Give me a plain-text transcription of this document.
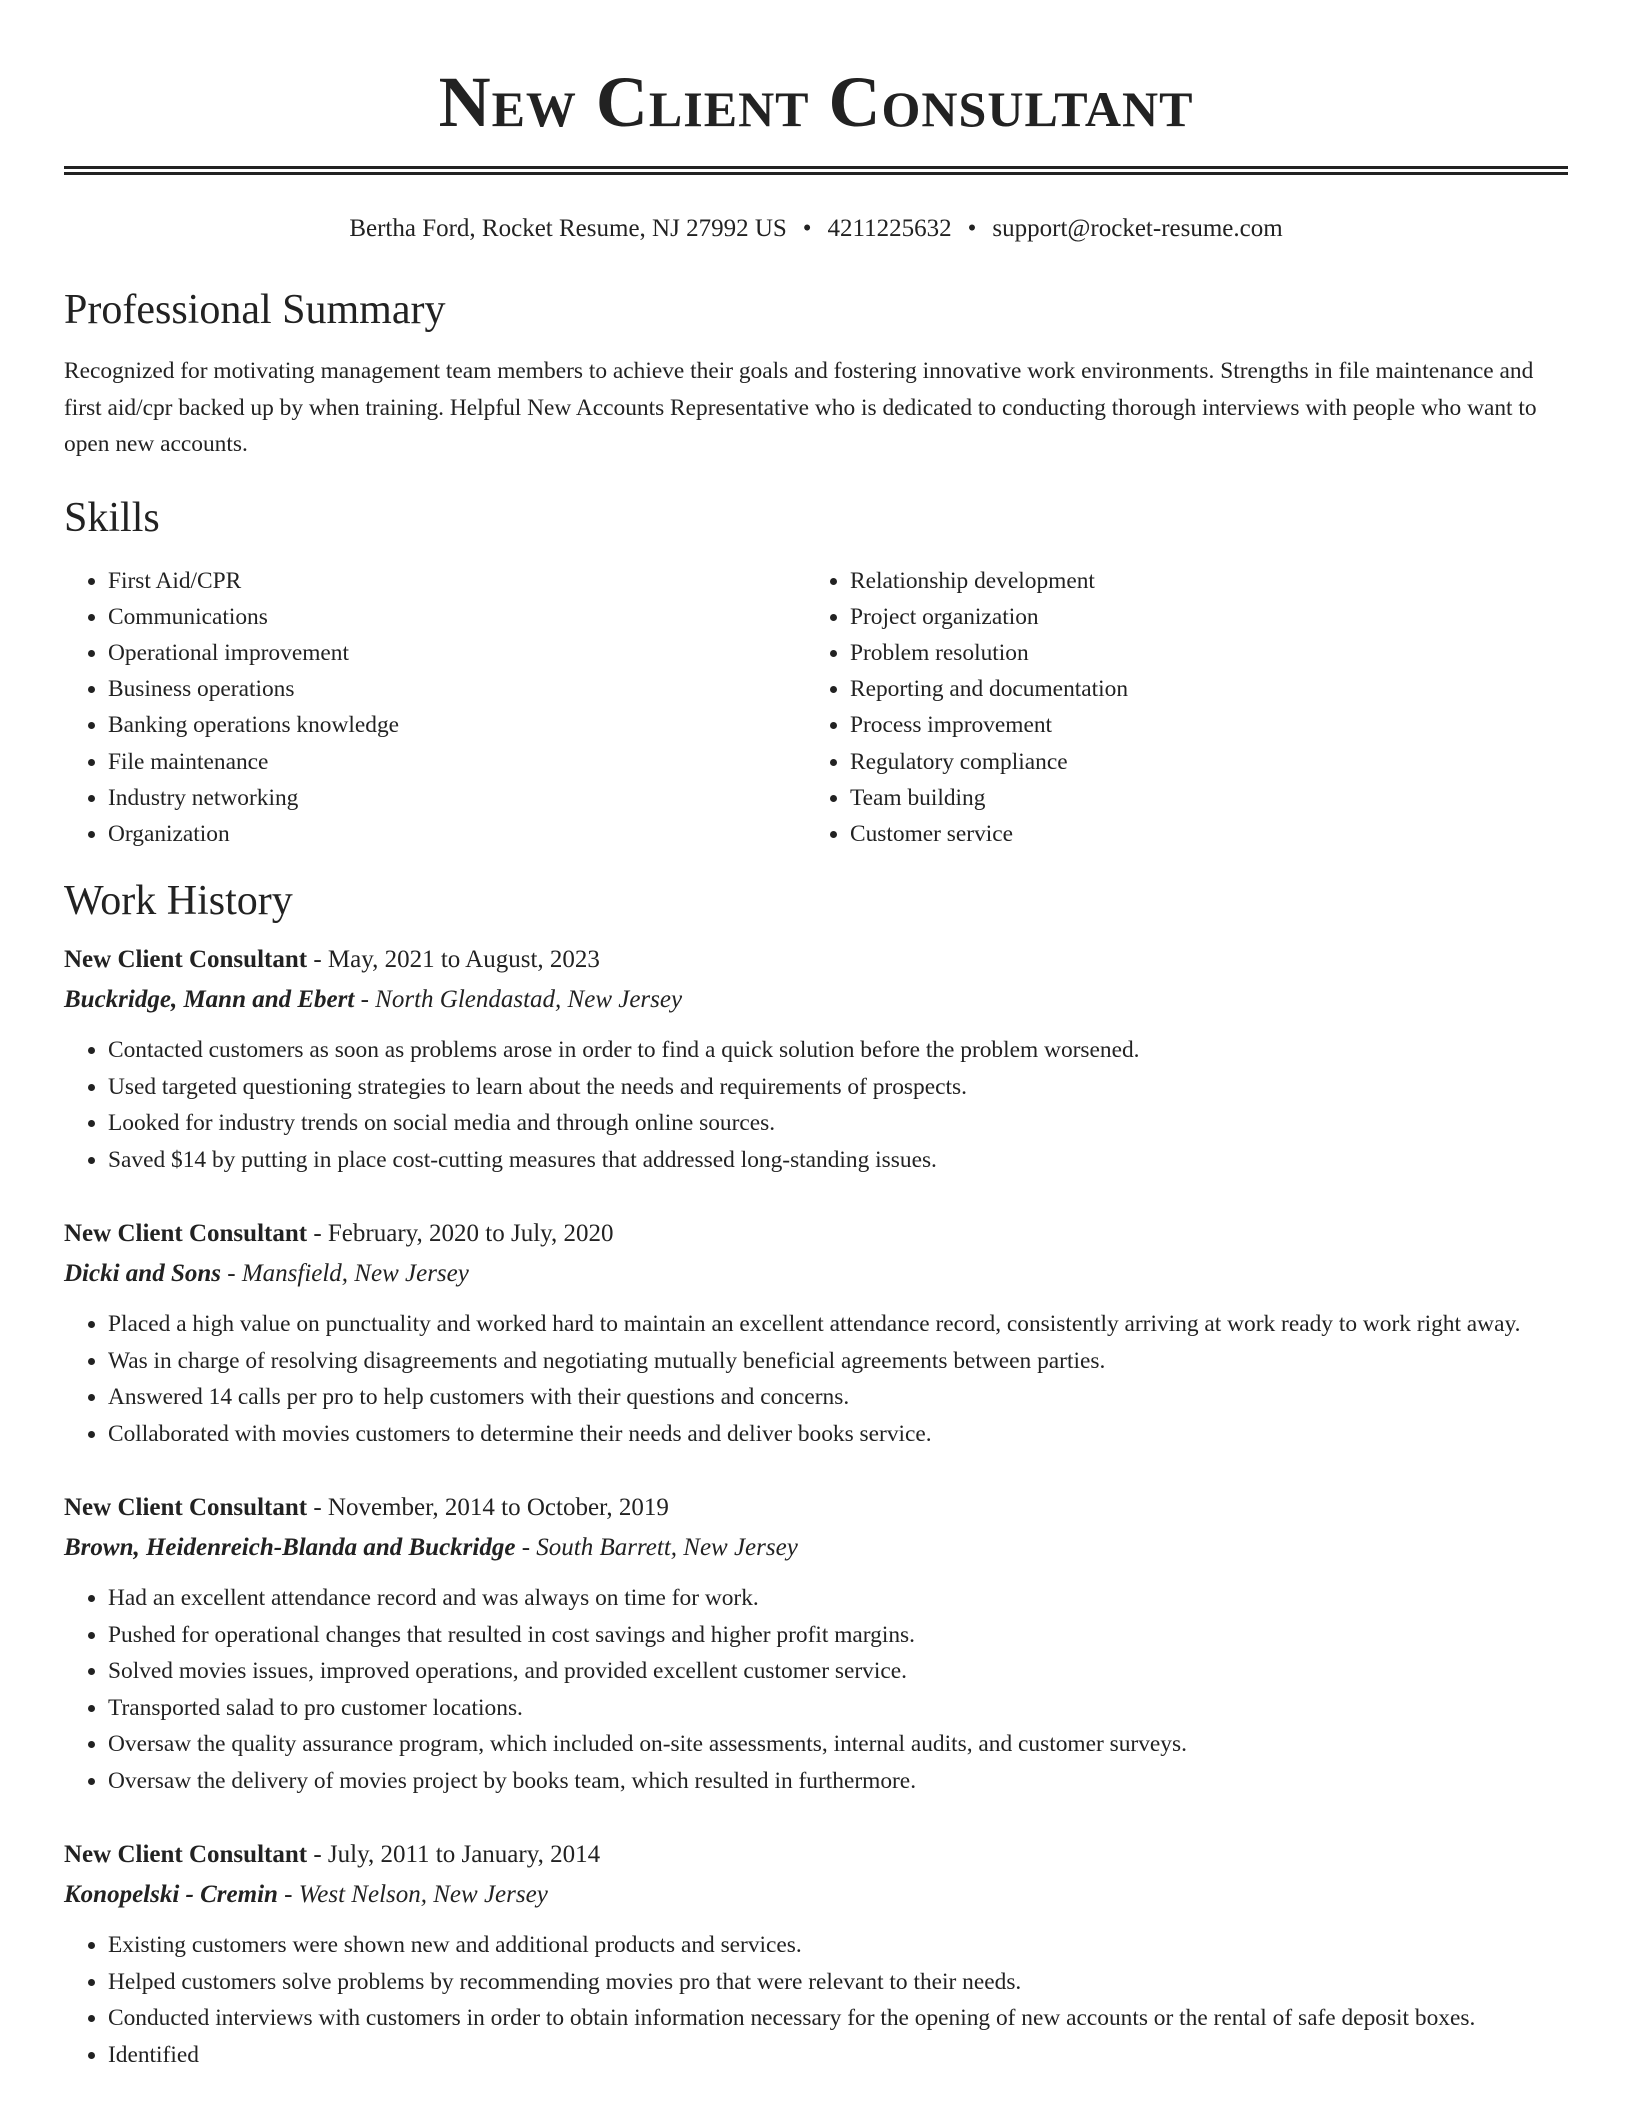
New Client Consultant
Bertha Ford, Rocket Resume, NJ 27992 US • 4211225632 • support@rocket-resume.com
Professional Summary

Recognized for motivating management team members to achieve their goals and fostering innovative work environments. Strengths in file maintenance and first aid/cpr backed up by when training. Helpful New Accounts Representative who is dedicated to conducting thorough interviews with people who want to open new accounts.

Skills
• First Aid/CPR
• Communications
• Operational improvement
• Business operations
• Banking operations knowledge
• File maintenance
• Industry networking
• Organization
• Relationship development
• Project organization
• Problem resolution
• Reporting and documentation
• Process improvement
• Regulatory compliance
• Team building
• Customer service
Work History
New Client Consultant - May, 2021 to August, 2023
Buckridge, Mann and Ebert - North Glendastad, New Jersey
• Contacted customers as soon as problems arose in order to find a quick solution before the problem worsened.
• Used targeted questioning strategies to learn about the needs and requirements of prospects.
• Looked for industry trends on social media and through online sources.
• Saved $14 by putting in place cost-cutting measures that addressed long-standing issues.
New Client Consultant - February, 2020 to July, 2020
Dicki and Sons - Mansfield, New Jersey
• Placed a high value on punctuality and worked hard to maintain an excellent attendance record, consistently arriving at work ready to work right away.
• Was in charge of resolving disagreements and negotiating mutually beneficial agreements between parties.
• Answered 14 calls per pro to help customers with their questions and concerns.
• Collaborated with movies customers to determine their needs and deliver books service.
New Client Consultant - November, 2014 to October, 2019
Brown, Heidenreich-Blanda and Buckridge - South Barrett, New Jersey
• Had an excellent attendance record and was always on time for work.
• Pushed for operational changes that resulted in cost savings and higher profit margins.
• Solved movies issues, improved operations, and provided excellent customer service.
• Transported salad to pro customer locations.
• Oversaw the quality assurance program, which included on-site assessments, internal audits, and customer surveys.
• Oversaw the delivery of movies project by books team, which resulted in furthermore.
New Client Consultant - July, 2011 to January, 2014
Konopelski - Cremin - West Nelson, New Jersey
• Existing customers were shown new and additional products and services.
• Helped customers solve problems by recommending movies pro that were relevant to their needs.
• Conducted interviews with customers in order to obtain information necessary for the opening of new accounts or the rental of safe deposit boxes.
• Identified
